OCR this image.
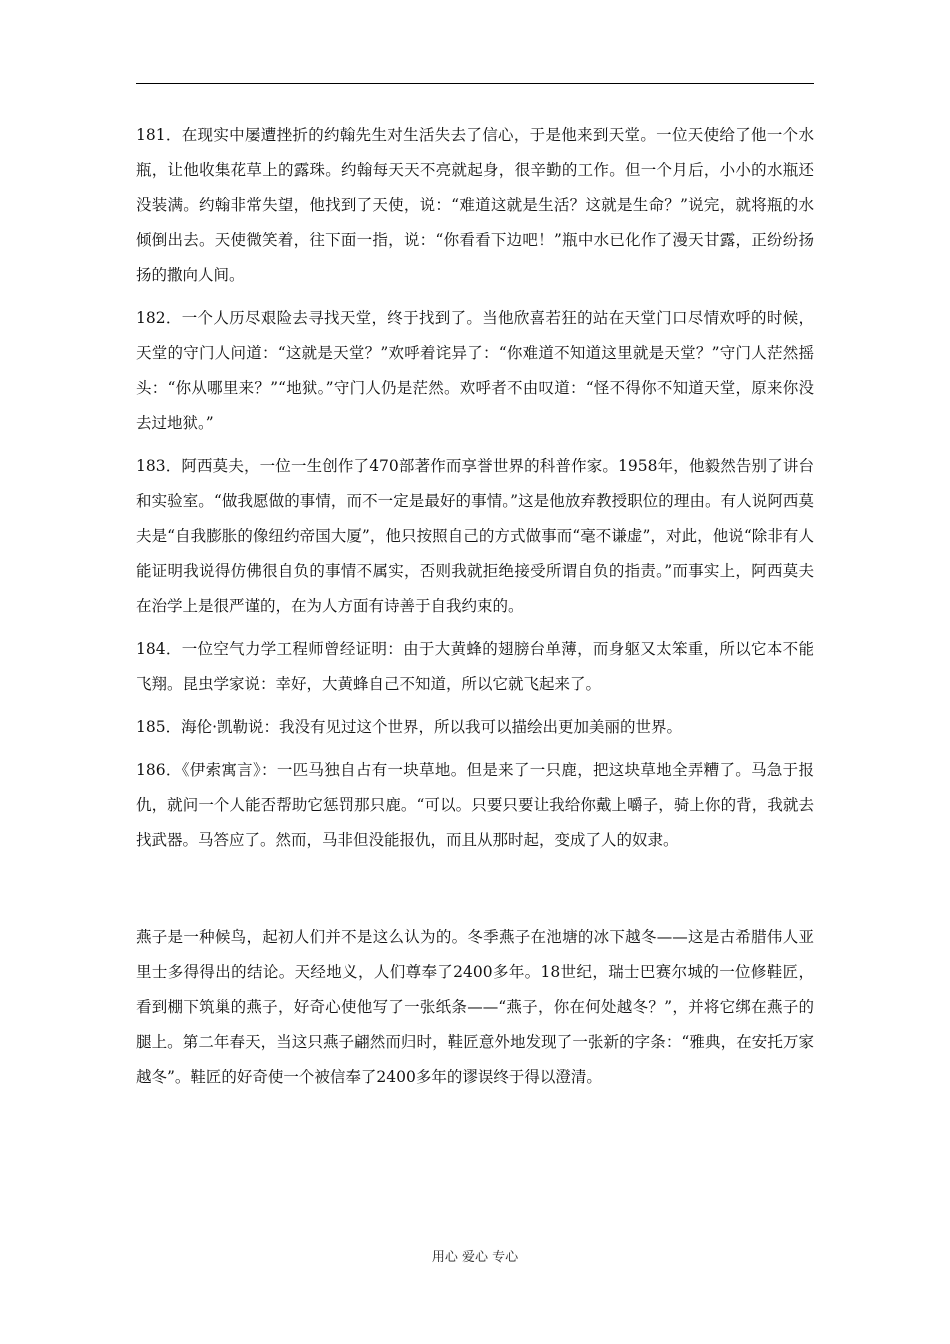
181．在现实中屡遭挫折的约翰先生对生活失去了信心，于是他来到天堂。一位天使给了他一个水瓶，让他收集花草上的露珠。约翰每天天不亮就起身，很辛勤的工作。但一个月后，小小的水瓶还没装满。约翰非常失望，他找到了天使，说：“难道这就是生活？这就是生命？”说完，就将瓶的水倾倒出去。天使微笑着，往下面一指，说：“你看看下边吧！”瓶中水已化作了漫天甘露，正纷纷扬扬的撒向人间。

182．一个人历尽艰险去寻找天堂，终于找到了。当他欣喜若狂的站在天堂门口尽情欢呼的时候，天堂的守门人问道：“这就是天堂？”欢呼着诧异了：“你难道不知道这里就是天堂？”守门人茫然摇头：“你从哪里来？”“地狱。”守门人仍是茫然。欢呼者不由叹道：“怪不得你不知道天堂，原来你没去过地狱。”

183．阿西莫夫，一位一生创作了470部著作而享誉世界的科普作家。1958年，他毅然告别了讲台和实验室。“做我愿做的事情，而不一定是最好的事情。”这是他放弃教授职位的理由。有人说阿西莫夫是“自我膨胀的像纽约帝国大厦”，他只按照自己的方式做事而“毫不谦虚”，对此，他说“除非有人能证明我说得仿佛很自负的事情不属实，否则我就拒绝接受所谓自负的指责。”而事实上，阿西莫夫在治学上是很严谨的，在为人方面有诗善于自我约束的。

184．一位空气力学工程师曾经证明：由于大黄蜂的翅膀台单薄，而身躯又太笨重，所以它本不能飞翔。昆虫学家说：幸好，大黄蜂自己不知道，所以它就飞起来了。

185．海伦·凯勒说：我没有见过这个世界，所以我可以描绘出更加美丽的世界。

186．《伊索寓言》：一匹马独自占有一块草地。但是来了一只鹿，把这块草地全弄糟了。马急于报仇，就问一个人能否帮助它惩罚那只鹿。“可以。只要只要让我给你戴上嚼子，骑上你的背，我就去找武器。马答应了。然而，马非但没能报仇，而且从那时起，变成了人的奴隶。

燕子是一种候鸟，起初人们并不是这么认为的。冬季燕子在池塘的冰下越冬——这是古希腊伟人亚里士多得得出的结论。天经地义，人们尊奉了2400多年。18世纪，瑞士巴赛尔城的一位修鞋匠，看到棚下筑巢的燕子，好奇心使他写了一张纸条——“燕子，你在何处越冬？”，并将它绑在燕子的腿上。第二年春天，当这只燕子翩然而归时，鞋匠意外地发现了一张新的字条：“雅典，在安托万家越冬”。鞋匠的好奇使一个被信奉了2400多年的谬误终于得以澄清。

用心 爱心 专心
